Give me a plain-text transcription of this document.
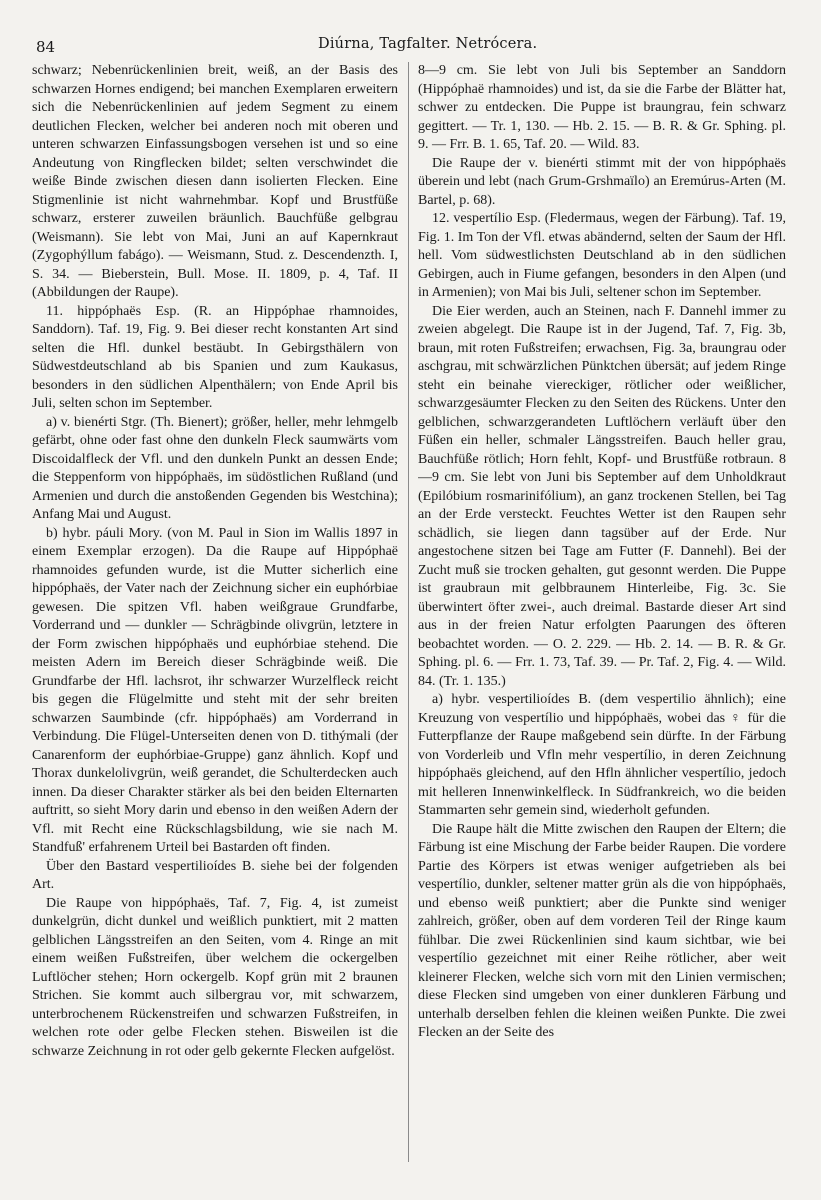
84	Diúrna, Tagfalter. Netrócera.

schwarz; Nebenrückenlinien breit, weiß, an der Basis des schwarzen Hornes endigend; bei manchen Exemplaren erweitern sich die Nebenrückenlinien auf jedem Segment zu einem deutlichen Flecken, welcher bei anderen noch mit oberen und unteren schwarzen Einfassungsbogen versehen ist und so eine Andeutung von Ringflecken bildet; selten verschwindet die weiße Binde zwischen diesen dann isolierten Flecken. Eine Stigmenlinie ist nicht wahrnehmbar. Kopf und Brustfüße schwarz, ersterer zuweilen bräunlich. Bauchfüße gelbgrau (Weismann). Sie lebt von Mai, Juni an auf Kapernkraut (Zygophýllum fabágo). — Weismann, Stud. z. Descendenzth. I, S. 34. — Bieberstein, Bull. Mose. II. 1809, p. 4, Taf. II (Abbildungen der Raupe).

11. hippóphaës Esp. (R. an Hippóphae rhamnoides, Sanddorn). Taf. 19, Fig. 9. Bei dieser recht konstanten Art sind selten die Hfl. dunkel bestäubt. In Gebirgsthälern von Südwestdeutschland ab bis Spanien und zum Kaukasus, besonders in den südlichen Alpenthälern; von Ende April bis Juli, selten schon im September.

a) v. bienérti Stgr. (Th. Bienert); größer, heller, mehr lehmgelb gefärbt, ohne oder fast ohne den dunkeln Fleck saumwärts vom Discoidalfleck der Vfl. und den dunkeln Punkt an dessen Ende; die Steppenform von hippóphaës, im südöstlichen Rußland (und Armenien und durch die anstoßenden Gegenden bis Westchina); Anfang Mai und August.

b) hybr. páuli Mory. (von M. Paul in Sion im Wallis 1897 in einem Exemplar erzogen). Da die Raupe auf Hippóphaë rhamnoides gefunden wurde, ist die Mutter sicherlich eine hippóphaës, der Vater nach der Zeichnung sicher ein euphórbiae gewesen. Die spitzen Vfl. haben weißgraue Grundfarbe, Vorderrand und — dunkler — Schrägbinde olivgrün, letztere in der Form zwischen hippóphaës und euphórbiae stehend. Die meisten Adern im Bereich dieser Schrägbinde weiß. Die Grundfarbe der Hfl. lachsrot, ihr schwarzer Wurzelfleck reicht bis gegen die Flügelmitte und steht mit der sehr breiten schwarzen Saumbinde (cfr. hippóphaës) am Vorderrand in Verbindung. Die Flügel-Unterseiten denen von D. tithýmali (der Canarenform der euphórbiae-Gruppe) ganz ähnlich. Kopf und Thorax dunkelolivgrün, weiß gerandet, die Schulterdecken auch innen. Da dieser Charakter stärker als bei den beiden Elternarten auftritt, so sieht Mory darin und ebenso in den weißen Adern der Vfl. mit Recht eine Rückschlagsbildung, wie sie nach M. Standfuß' erfahrenem Urteil bei Bastarden oft finden.

Über den Bastard vespertilioídes B. siehe bei der folgenden Art.

Die Raupe von hippóphaës, Taf. 7, Fig. 4, ist zumeist dunkelgrün, dicht dunkel und weißlich punktiert, mit 2 matten gelblichen Längsstreifen an den Seiten, vom 4. Ringe an mit einem weißen Fußstreifen, über welchem die ockergelben Luftlöcher stehen; Horn ockergelb. Kopf grün mit 2 braunen Strichen. Sie kommt auch silbergrau vor, mit schwarzem, unterbrochenem Rückenstreifen und schwarzen Fußstreifen, in welchen rote oder gelbe Flecken stehen. Bisweilen ist die schwarze Zeichnung in rot oder gelb gekernte Flecken aufgelöst.

8—9 cm. Sie lebt von Juli bis September an Sanddorn (Hippóphaë rhamnoides) und ist, da sie die Farbe der Blätter hat, schwer zu entdecken. Die Puppe ist braungrau, fein schwarz gegittert. — Tr. 1, 130. — Hb. 2. 15. — B. R. & Gr. Sphing. pl. 9. — Frr. B. 1. 65, Taf. 20. — Wild. 83.

Die Raupe der v. bienérti stimmt mit der von hippóphaës überein und lebt (nach Grum-Grshmaïlo) an Eremúrus-Arten (M. Bartel, p. 68).

12. vespertílio Esp. (Fledermaus, wegen der Färbung). Taf. 19, Fig. 1. Im Ton der Vfl. etwas abändernd, selten der Saum der Hfl. hell. Vom südwestlichsten Deutschland ab in den südlichen Gebirgen, auch in Fiume gefangen, besonders in den Alpen (und in Armenien); von Mai bis Juli, seltener schon im September.

Die Eier werden, auch an Steinen, nach F. Dannehl immer zu zweien abgelegt. Die Raupe ist in der Jugend, Taf. 7, Fig. 3b, braun, mit roten Fußstreifen; erwachsen, Fig. 3a, braungrau oder aschgrau, mit schwärzlichen Pünktchen übersät; auf jedem Ringe steht ein beinahe viereckiger, rötlicher oder weißlicher, schwarzgesäumter Flecken zu den Seiten des Rückens. Unter den gelblichen, schwarzgerandeten Luftlöchern verläuft über den Füßen ein heller, schmaler Längsstreifen. Bauch heller grau, Bauchfüße rötlich; Horn fehlt, Kopf- und Brustfüße rotbraun. 8—9 cm. Sie lebt von Juni bis September auf dem Unholdkraut (Epilóbium rosmarinifólium), an ganz trockenen Stellen, bei Tag an der Erde versteckt. Feuchtes Wetter ist den Raupen sehr schädlich, sie liegen dann tagsüber auf der Erde. Nur angestochene sitzen bei Tage am Futter (F. Dannehl). Bei der Zucht muß sie trocken gehalten, gut gesonnt werden. Die Puppe ist graubraun mit gelbbraunem Hinterleibe, Fig. 3c. Sie überwintert öfter zwei-, auch dreimal. Bastarde dieser Art sind aus in der freien Natur erfolgten Paarungen des öfteren beobachtet worden. — O. 2. 229. — Hb. 2. 14. — B. R. & Gr. Sphing. pl. 6. — Frr. 1. 73, Taf. 39. — Pr. Taf. 2, Fig. 4. — Wild. 84. (Tr. 1. 135.)

a) hybr. vespertilioídes B. (dem vespertilio ähnlich); eine Kreuzung von vespertílio und hippóphaës, wobei das ♀ für die Futterpflanze der Raupe maßgebend sein dürfte. In der Färbung von Vorderleib und Vfln mehr vespertílio, in deren Zeichnung hippóphaës gleichend, auf den Hfln ähnlicher vespertílio, jedoch mit helleren Innenwinkelfleck. In Südfrankreich, wo die beiden Stammarten sehr gemein sind, wiederholt gefunden.

Die Raupe hält die Mitte zwischen den Raupen der Eltern; die Färbung ist eine Mischung der Farbe beider Raupen. Die vordere Partie des Körpers ist etwas weniger aufgetrieben als bei vespertílio, dunkler, seltener matter grün als die von hippóphaës, und ebenso weiß punktiert; aber die Punkte sind weniger zahlreich, größer, oben auf dem vorderen Teil der Ringe kaum fühlbar. Die zwei Rückenlinien sind kaum sichtbar, wie bei vespertílio gezeichnet mit einer Reihe rötlicher, aber weit kleinerer Flecken, welche sich vorn mit den Linien vermischen; diese Flecken sind umgeben von einer dunkleren Färbung und unterhalb derselben fehlen die kleinen weißen Punkte. Die zwei Flecken an der Seite des
